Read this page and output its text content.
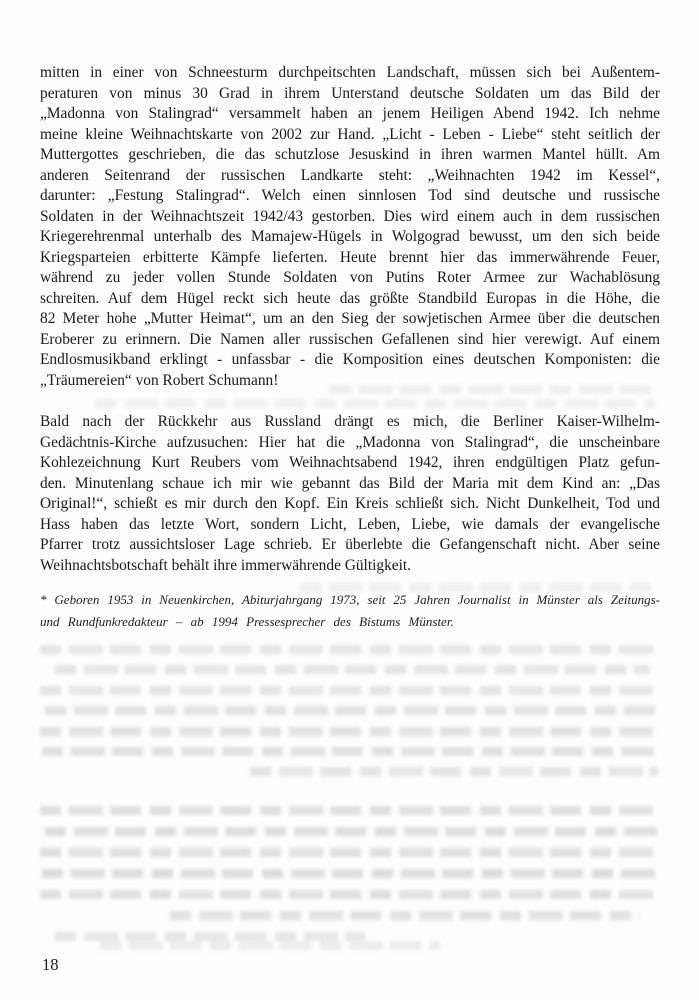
mitten in einer von Schneesturm durchpeitschten Landschaft, müssen sich bei Außentem-
peraturen von minus 30 Grad in ihrem Unterstand deutsche Soldaten um das Bild der
„Madonna von Stalingrad“ versammelt haben an jenem Heiligen Abend 1942. Ich nehme
meine kleine Weihnachtskarte von 2002 zur Hand. „Licht - Leben - Liebe“ steht seitlich der
Muttergottes geschrieben, die das schutzlose Jesuskind in ihren warmen Mantel hüllt. Am
anderen Seitenrand der russischen Landkarte steht: „Weihnachten 1942 im Kessel“,
darunter: „Festung Stalingrad“. Welch einen sinnlosen Tod sind deutsche und russische
Soldaten in der Weihnachtszeit 1942/43 gestorben. Dies wird einem auch in dem russischen
Kriegerehrenmal unterhalb des Mamajew-Hügels in Wolgograd bewusst, um den sich beide
Kriegsparteien erbitterte Kämpfe lieferten. Heute brennt hier das immerwährende Feuer,
während zu jeder vollen Stunde Soldaten von Putins Roter Armee zur Wachablösung
schreiten. Auf dem Hügel reckt sich heute das größte Standbild Europas in die Höhe, die
82 Meter hohe „Mutter Heimat“, um an den Sieg der sowjetischen Armee über die deutschen
Eroberer zu erinnern. Die Namen aller russischen Gefallenen sind hier verewigt. Auf einem
Endlosmusikband erklingt - unfassbar - die Komposition eines deutschen Komponisten: die
„Träumereien“ von Robert Schumann!
Bald nach der Rückkehr aus Russland drängt es mich, die Berliner Kaiser-Wilhelm-
Gedächtnis-Kirche aufzusuchen: Hier hat die „Madonna von Stalingrad“, die unscheinbare
Kohlezeichnung Kurt Reubers vom Weihnachtsabend 1942, ihren endgültigen Platz gefun-
den. Minutenlang schaue ich mir wie gebannt das Bild der Maria mit dem Kind an: „Das
Original!“, schießt es mir durch den Kopf. Ein Kreis schließt sich. Nicht Dunkelheit, Tod und
Hass haben das letzte Wort, sondern Licht, Leben, Liebe, wie damals der evangelische
Pfarrer trotz aussichtsloser Lage schrieb. Er überlebte die Gefangenschaft nicht. Aber seine
Weihnachtsbotschaft behält ihre immerwährende Gültigkeit.
* Geboren 1953 in Neuenkirchen, Abiturjahrgang 1973, seit 25 Jahren Journalist in Münster als Zeitungs-
und Rundfunkredakteur – ab 1994 Pressesprecher des Bistums Münster.
18
